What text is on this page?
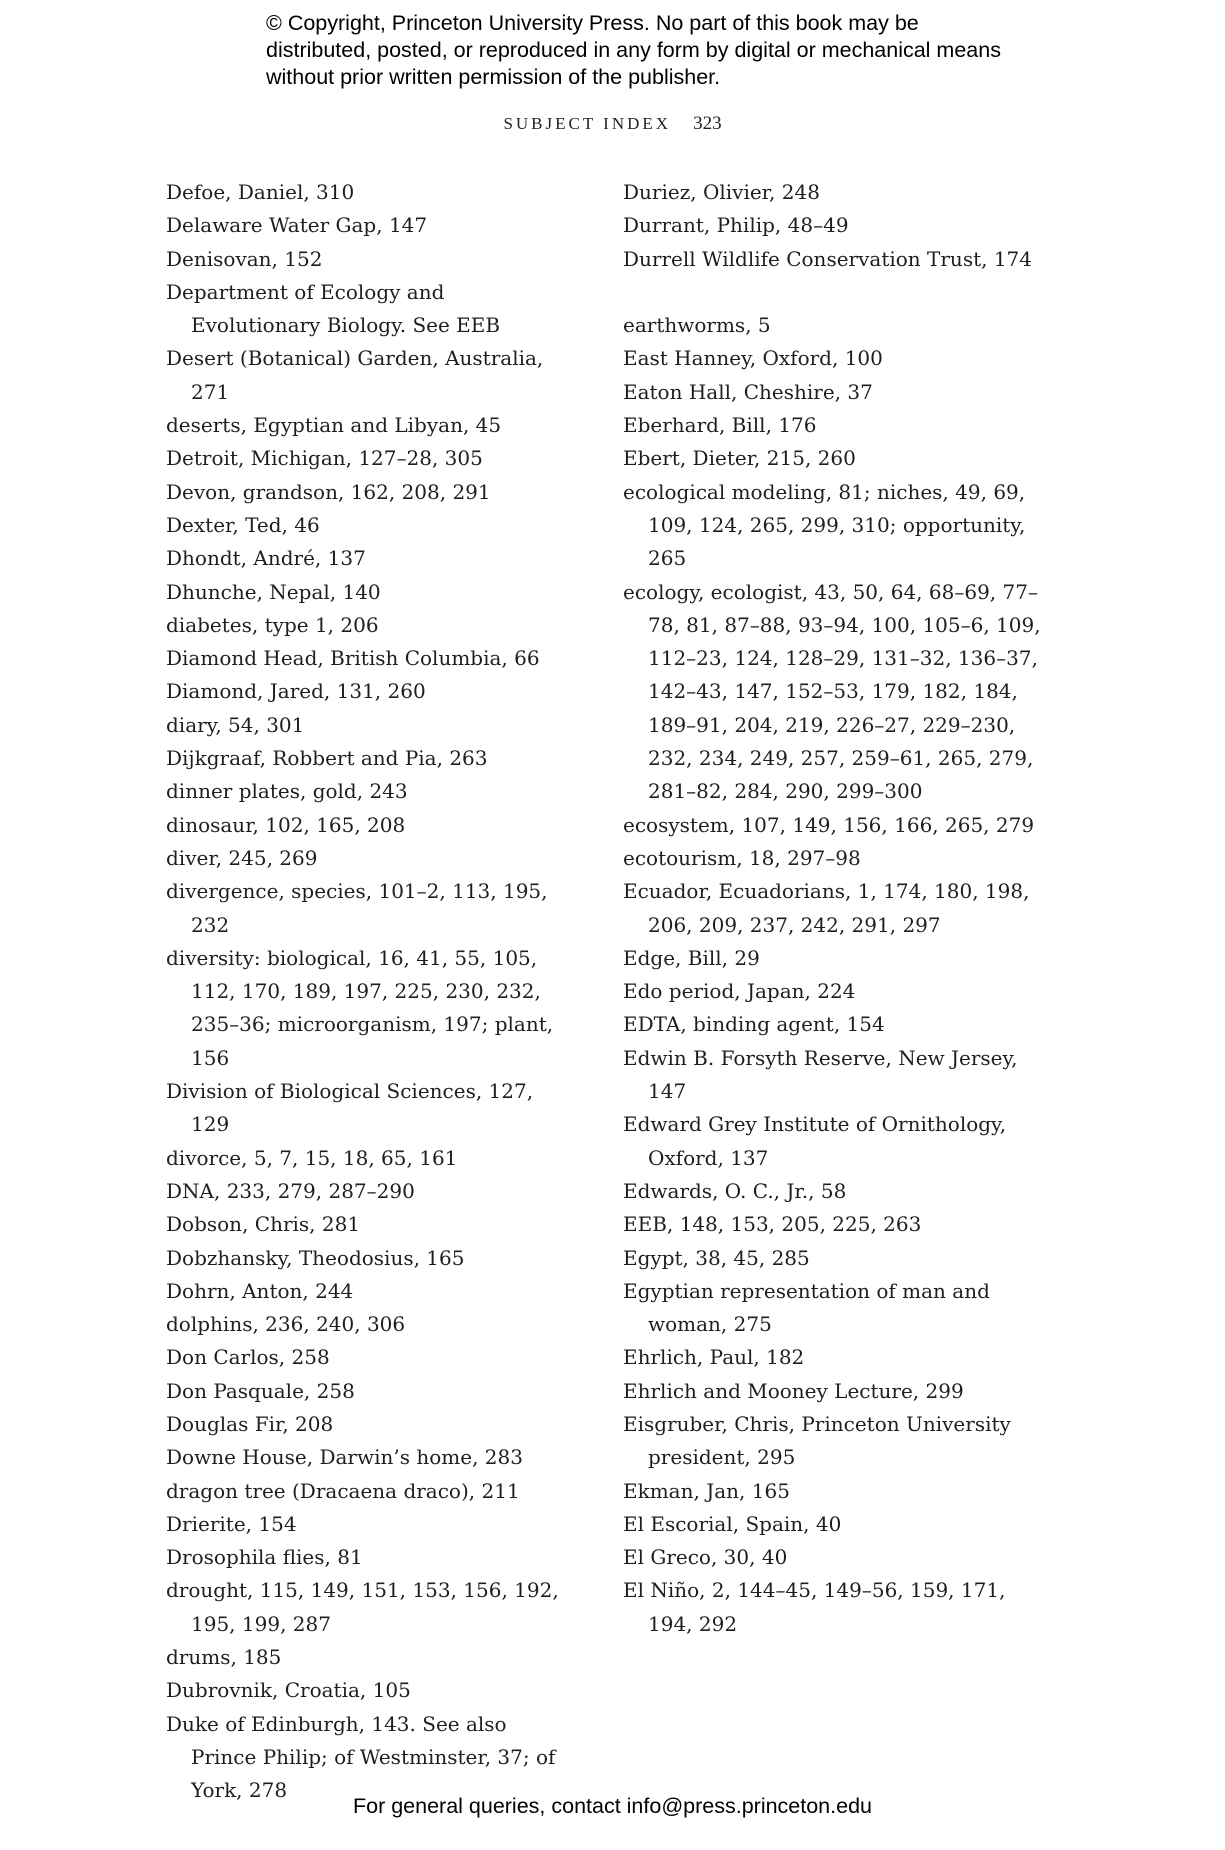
© Copyright, Princeton University Press. No part of this book may be distributed, posted, or reproduced in any form by digital or mechanical means without prior written permission of the publisher.
SUBJECT INDEX 323

Defoe, Daniel, 310

Delaware Water Gap, 147

Denisovan, 152

Department of Ecology and Evolutionary Biology. See EEB

Desert (Botanical) Garden, Australia, 271

deserts, Egyptian and Libyan, 45

Detroit, Michigan, 127–28, 305

Devon, grandson, 162, 208, 291

Dexter, Ted, 46

Dhondt, André, 137

Dhunche, Nepal, 140

diabetes, type 1, 206

Diamond Head, British Columbia, 66

Diamond, Jared, 131, 260

diary, 54, 301

Dijkgraaf, Robbert and Pia, 263

dinner plates, gold, 243

dinosaur, 102, 165, 208

diver, 245, 269

divergence, species, 101–2, 113, 195, 232

diversity: biological, 16, 41, 55, 105, 112, 170, 189, 197, 225, 230, 232, 235–36; microorganism, 197; plant, 156

Division of Biological Sciences, 127, 129

divorce, 5, 7, 15, 18, 65, 161

DNA, 233, 279, 287–290

Dobson, Chris, 281

Dobzhansky, Theodosius, 165

Dohrn, Anton, 244

dolphins, 236, 240, 306

Don Carlos, 258

Don Pasquale, 258

Douglas Fir, 208

Downe House, Darwin’s home, 283

dragon tree (Dracaena draco), 211

Drierite, 154

Drosophila flies, 81

drought, 115, 149, 151, 153, 156, 192, 195, 199, 287

drums, 185

Dubrovnik, Croatia, 105

Duke of Edinburgh, 143. See also Prince Philip; of Westminster, 37; of York, 278

Duriez, Olivier, 248

Durrant, Philip, 48–49

Durrell Wildlife Conservation Trust, 174

earthworms, 5

East Hanney, Oxford, 100

Eaton Hall, Cheshire, 37

Eberhard, Bill, 176

Ebert, Dieter, 215, 260

ecological modeling, 81; niches, 49, 69, 109, 124, 265, 299, 310; opportunity, 265

ecology, ecologist, 43, 50, 64, 68–69, 77–78, 81, 87–88, 93–94, 100, 105–6, 109, 112–23, 124, 128–29, 131–32, 136–37, 142–43, 147, 152–53, 179, 182, 184, 189–91, 204, 219, 226–27, 229–230, 232, 234, 249, 257, 259–61, 265, 279, 281–82, 284, 290, 299–300

ecosystem, 107, 149, 156, 166, 265, 279

ecotourism, 18, 297–98

Ecuador, Ecuadorians, 1, 174, 180, 198, 206, 209, 237, 242, 291, 297

Edge, Bill, 29

Edo period, Japan, 224

EDTA, binding agent, 154

Edwin B. Forsyth Reserve, New Jersey, 147

Edward Grey Institute of Ornithology, Oxford, 137

Edwards, O. C., Jr., 58

EEB, 148, 153, 205, 225, 263

Egypt, 38, 45, 285

Egyptian representation of man and woman, 275

Ehrlich, Paul, 182

Ehrlich and Mooney Lecture, 299

Eisgruber, Chris, Princeton University president, 295

Ekman, Jan, 165

El Escorial, Spain, 40

El Greco, 30, 40

El Niño, 2, 144–45, 149–56, 159, 171, 194, 292

For general queries, contact info@press.princeton.edu
